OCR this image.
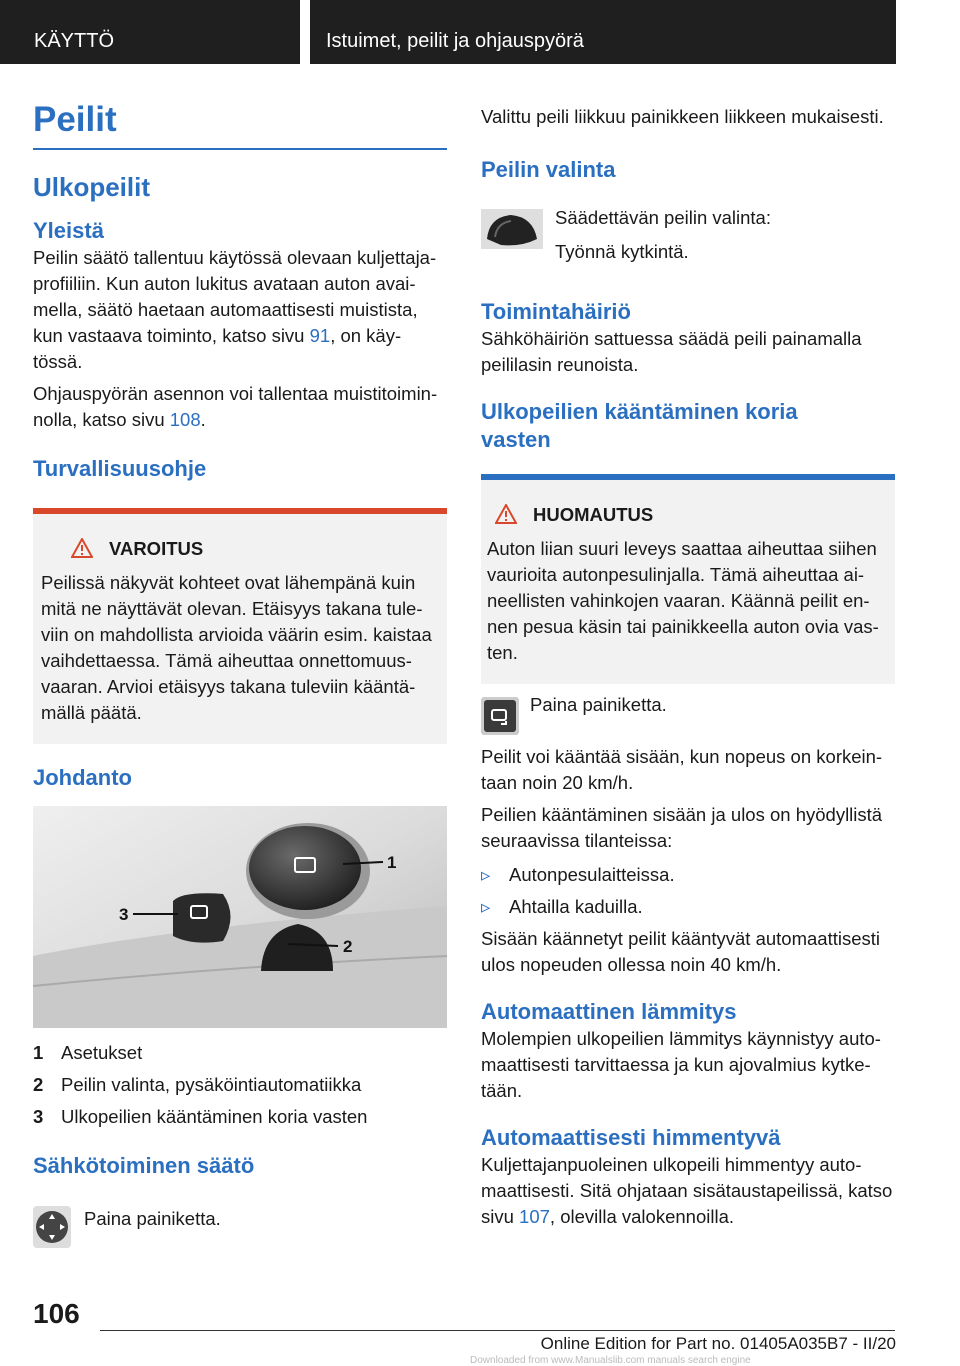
KÄYTTÖ	Istuimet, peilit ja ohjauspyörä
Peilit
Ulkopeilit
Yleistä

Peilin säätö tallentuu käytössä olevaan kuljettaja-profiiliin. Kun auton lukitus avataan auton avai-mella, säätö haetaan automaattisesti muistista, kun vastaava toiminto, katso sivu 91, on käy-tössä.

Ohjauspyörän asennon voi tallentaa muistitoimin-nolla, katso sivu 108.

Turvallisuusohje
VAROITUS

Peilissä näkyvät kohteet ovat lähempänä kuin mitä ne näyttävät olevan. Etäisyys takana tule-viin on mahdollista arvioida väärin esim. kaistaa vaihdettaessa. Tämä aiheuttaa onnettomuus-vaaran. Arvioi etäisyys takana tuleviin kääntä-mällä päätä.

Johdanto
1
2
3

1 Asetukset

2 Peilin valinta, pysäköintiautomatiikka

3 Ulkopeilien kääntäminen koria vasten

Sähkötoiminen säätö

Paina painiketta.

Valittu peili liikkuu painikkeen liikkeen mukaisesti.

Peilin valinta

Säädettävän peilin valinta:

Työnnä kytkintä.

Toimintahäiriö

Sähköhäiriön sattuessa säädä peili painamalla peililasin reunoista.

Ulkopeilien kääntäminen koria vasten
HUOMAUTUS

Auton liian suuri leveys saattaa aiheuttaa siihen vaurioita autonpesulinjalla. Tämä aiheuttaa ai-neellisten vahinkojen vaaran. Käännä peilit en-nen pesua käsin tai painikkeella auton ovia vas-ten.

Paina painiketta.

Peilit voi kääntää sisään, kun nopeus on korkein-taan noin 20 km/h.

Peilien kääntäminen sisään ja ulos on hyödyllistä seuraavissa tilanteissa:

▹ Autonpesulaitteissa.

▹ Ahtailla kaduilla.

Sisään käännetyt peilit kääntyvät automaattisesti ulos nopeuden ollessa noin 40 km/h.

Automaattinen lämmitys

Molempien ulkopeilien lämmitys käynnistyy auto-maattisesti tarvittaessa ja kun ajovalmius kytke-tään.

Automaattisesti himmentyvä

Kuljettajanpuoleinen ulkopeili himmentyy auto-maattisesti. Sitä ohjataan sisätaustapeilissä, katso sivu 107, olevilla valokennoilla.

106
Online Edition for Part no. 01405A035B7 - II/20
Downloaded from www.Manualslib.com manuals search engine
